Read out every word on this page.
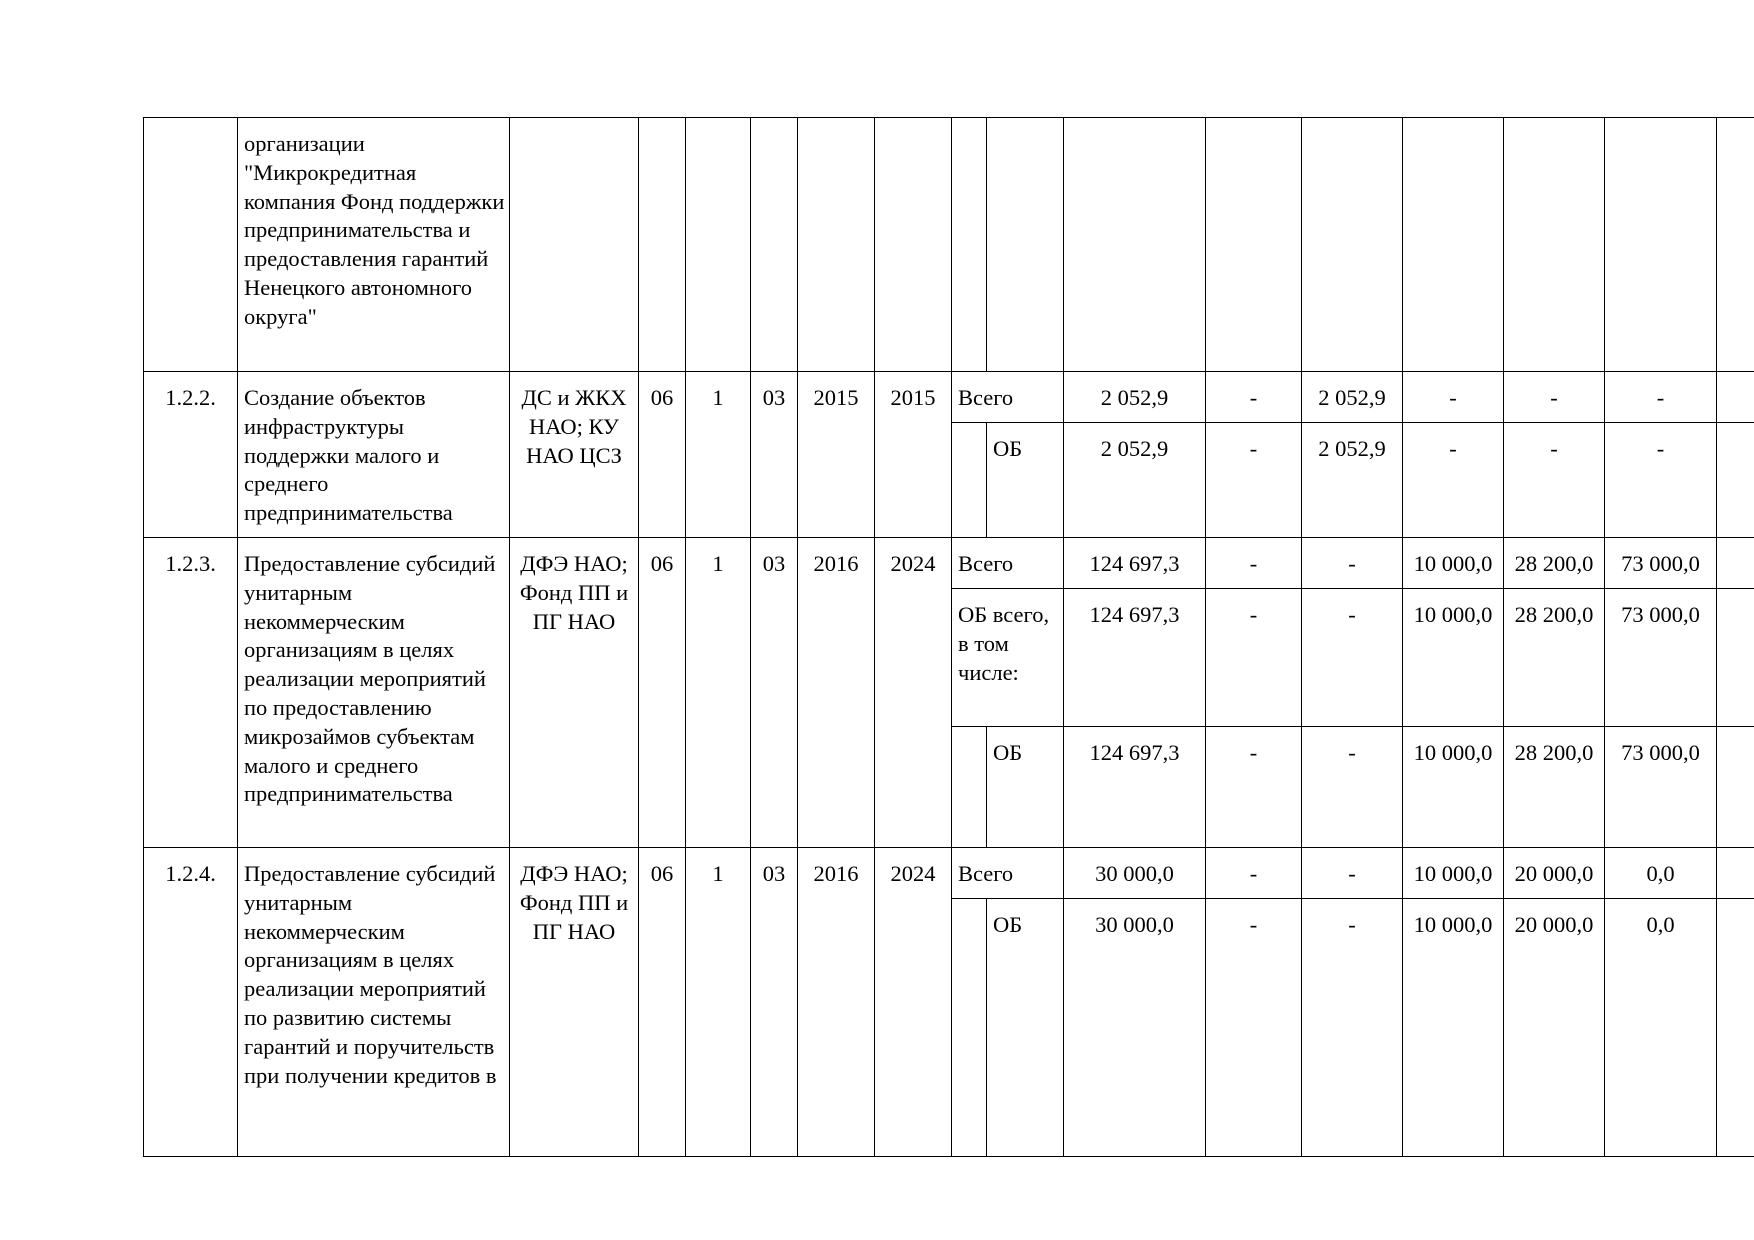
	организации "Микрокредитная компания Фонд поддержки предпринимательства и предоставления гарантий Ненецкого автономного округа"															
1.2.2.	Создание объектов инфраструктуры поддержки малого и среднего предпринимательства	ДС и ЖКХ НАО; КУ НАО ЦСЗ	06	1	03	2015	2015	Всего		2 052,9	-	2 052,9	-	-	-	
									ОБ	2 052,9	-	2 052,9	-	-	-	
1.2.3.	Предоставление субсидий унитарным некоммерческим организациям в целях реализации мероприятий по предоставлению микрозаймов субъектам малого и среднего предпринимательства	ДФЭ НАО; Фонд ПП и ПГ НАО	06	1	03	2016	2024	Всего		124 697,3	-	-	10 000,0	28 200,0	73 000,0	
								ОБ всего, в том числе:		124 697,3	-	-	10 000,0	28 200,0	73 000,0	
									ОБ	124 697,3	-	-	10 000,0	28 200,0	73 000,0	
1.2.4.	Предоставление субсидий унитарным некоммерческим организациям в целях реализации мероприятий по развитию системы гарантий и поручительств при получении кредитов в	ДФЭ НАО; Фонд ПП и ПГ НАО	06	1	03	2016	2024	Всего		30 000,0	-	-	10 000,0	20 000,0	0,0	
									ОБ	30 000,0	-	-	10 000,0	20 000,0	0,0	
